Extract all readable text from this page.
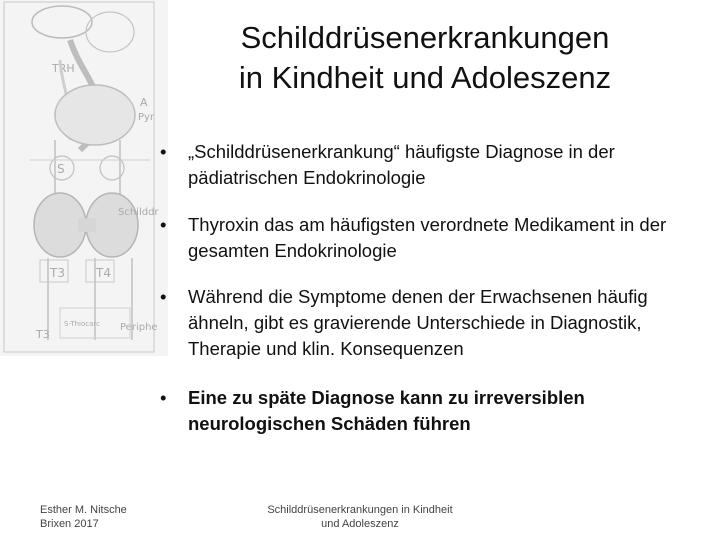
TRH
A
Pyr
S
Schilddr
T3	T4
T3
S-Thiocarc Periphe
Schilddrüsenerkrankungen
in Kindheit und Adoleszenz
•	„Schilddrüsenerkrankung“ häufigste Diagnose in der pädiatrischen Endokrinologie
•	Thyroxin das am häufigsten verordnete Medikament in der gesamten Endokrinologie
•	Während die Symptome denen der Erwachsenen häufig ähneln, gibt es gravierende Unterschiede in Diagnostik, Therapie und klin. Konsequenzen
•	Eine zu späte Diagnose kann zu irreversiblen neurologischen Schäden führen
Esther M. Nitsche
Brixen 2017
Schilddrüsenerkrankungen in Kindheit
und Adoleszenz
